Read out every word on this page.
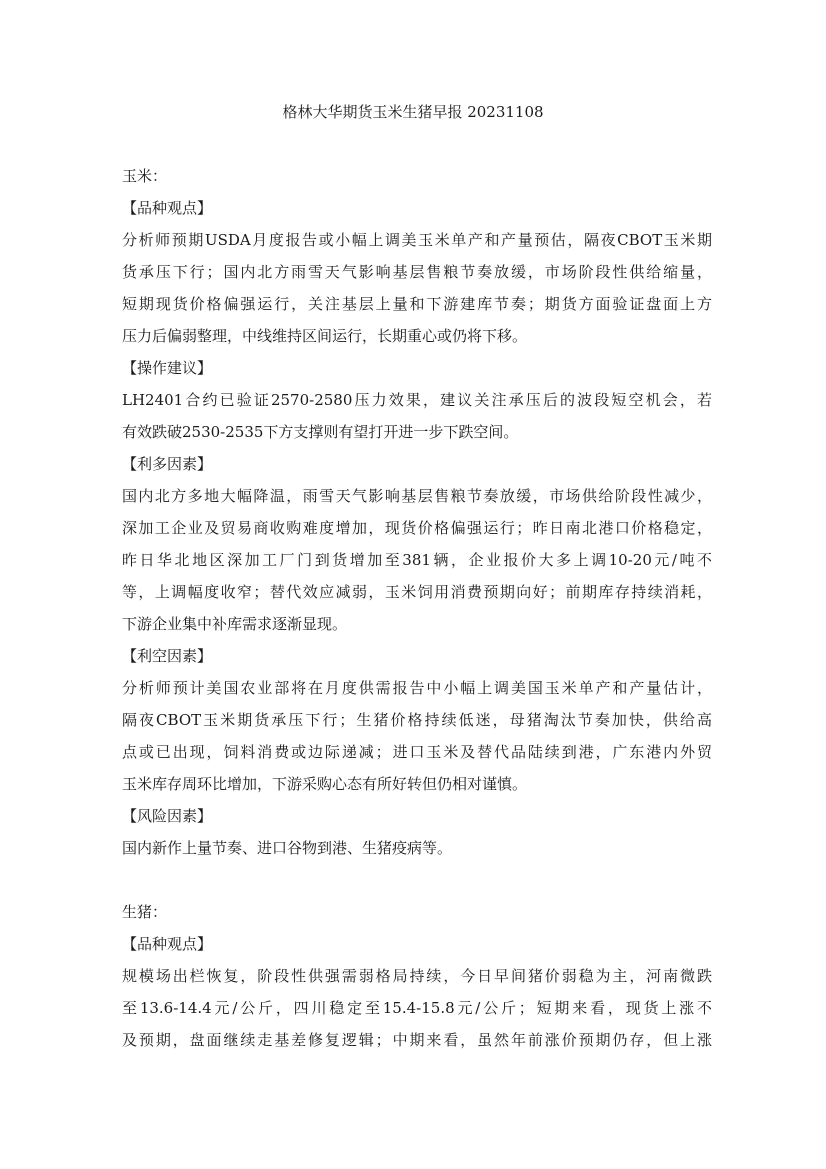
格林大华期货玉米生猪早报 20231108
玉米：
【品种观点】
分析师预期USDA月度报告或小幅上调美玉米单产和产量预估，隔夜CBOT玉米期
货承压下行；国内北方雨雪天气影响基层售粮节奏放缓，市场阶段性供给缩量，
短期现货价格偏强运行，关注基层上量和下游建库节奏；期货方面验证盘面上方
压力后偏弱整理，中线维持区间运行，长期重心或仍将下移。
【操作建议】
LH2401合约已验证2570-2580压力效果，建议关注承压后的波段短空机会，若
有效跌破2530-2535下方支撑则有望打开进一步下跌空间。
【利多因素】
国内北方多地大幅降温，雨雪天气影响基层售粮节奏放缓，市场供给阶段性减少，
深加工企业及贸易商收购难度增加，现货价格偏强运行；昨日南北港口价格稳定，
昨日华北地区深加工厂门到货增加至381辆，企业报价大多上调10-20元/吨不
等，上调幅度收窄；替代效应减弱，玉米饲用消费预期向好；前期库存持续消耗，
下游企业集中补库需求逐渐显现。
【利空因素】
分析师预计美国农业部将在月度供需报告中小幅上调美国玉米单产和产量估计，
隔夜CBOT玉米期货承压下行；生猪价格持续低迷，母猪淘汰节奏加快，供给高
点或已出现，饲料消费或边际递减；进口玉米及替代品陆续到港，广东港内外贸
玉米库存周环比增加，下游采购心态有所好转但仍相对谨慎。
【风险因素】
国内新作上量节奏、进口谷物到港、生猪疫病等。
生猪：
【品种观点】
规模场出栏恢复，阶段性供强需弱格局持续，今日早间猪价弱稳为主，河南微跌
至13.6-14.4元/公斤，四川稳定至15.4-15.8元/公斤；短期来看，现货上涨不
及预期，盘面继续走基差修复逻辑；中期来看，虽然年前涨价预期仍存，但上涨
